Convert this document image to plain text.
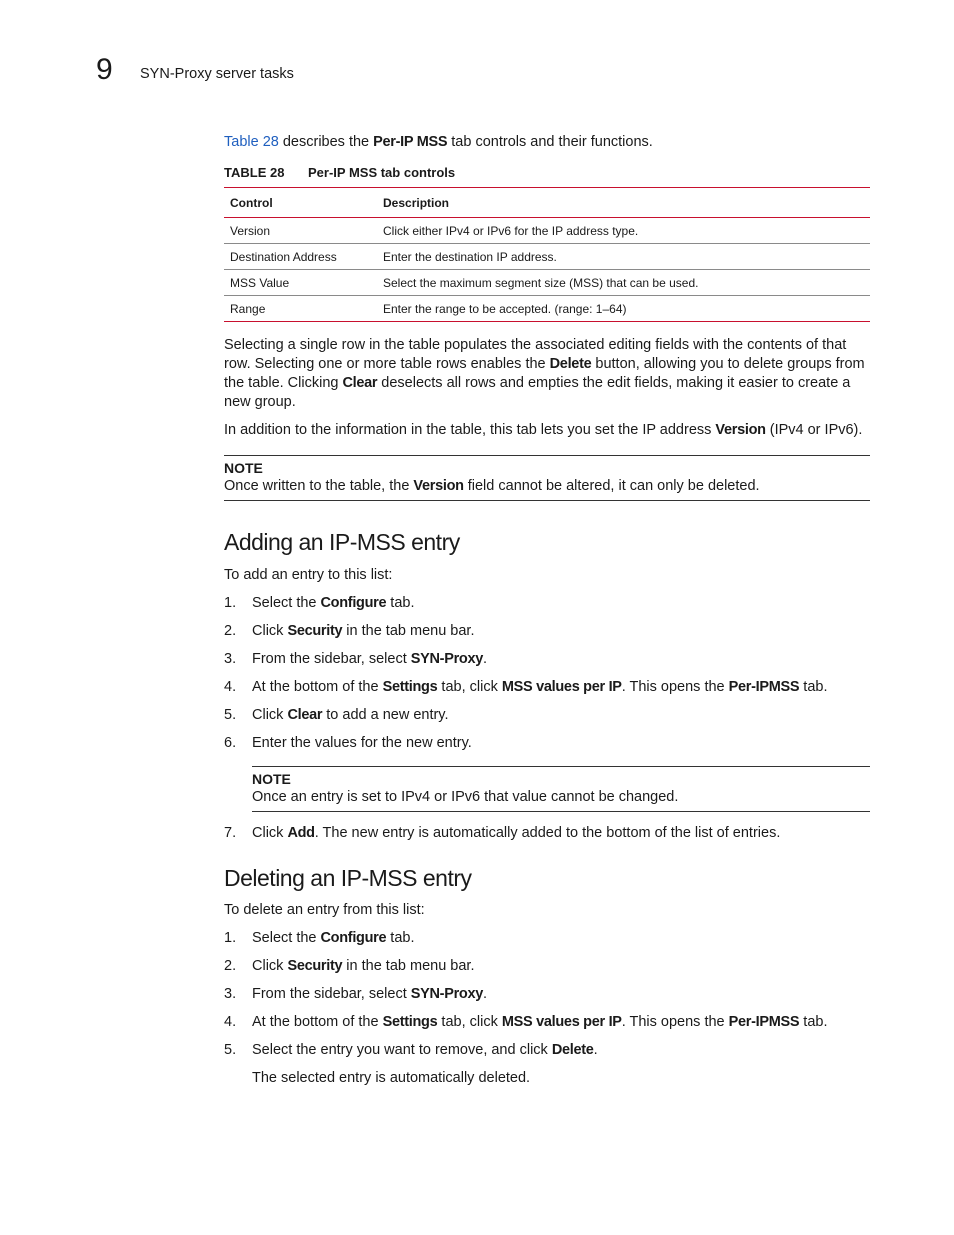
9 SYN-Proxy server tasks

Table 28 describes the Per-IP MSS tab controls and their functions.

TABLE 28	Per-IP MSS tab controls
Control	Description
Version	Click either IPv4 or IPv6 for the IP address type.
Destination Address	Enter the destination IP address.
MSS Value	Select the maximum segment size (MSS) that can be used.
Range	Enter the range to be accepted. (range: 1–64)

Selecting a single row in the table populates the associated editing fields with the contents of that row. Selecting one or more table rows enables the Delete button, allowing you to delete groups from the table. Clicking Clear deselects all rows and empties the edit fields, making it easier to create a new group.

In addition to the information in the table, this tab lets you set the IP address Version (IPv4 or IPv6).

NOTE

Once written to the table, the Version field cannot be altered, it can only be deleted.

Adding an IP-MSS entry

To add an entry to this list:

1. Select the Configure tab.
2. Click Security in the tab menu bar.
3. From the sidebar, select SYN-Proxy.
4. At the bottom of the Settings tab, click MSS values per IP. This opens the Per-IPMSS tab.
5. Click Clear to add a new entry.
6. Enter the values for the new entry.
NOTE

Once an entry is set to IPv4 or IPv6 that value cannot be changed.

7. Click Add. The new entry is automatically added to the bottom of the list of entries.
Deleting an IP-MSS entry

To delete an entry from this list:

1. Select the Configure tab.
2. Click Security in the tab menu bar.
3. From the sidebar, select SYN-Proxy.
4. At the bottom of the Settings tab, click MSS values per IP. This opens the Per-IPMSS tab.
5. Select the entry you want to remove, and click Delete.

The selected entry is automatically deleted.
